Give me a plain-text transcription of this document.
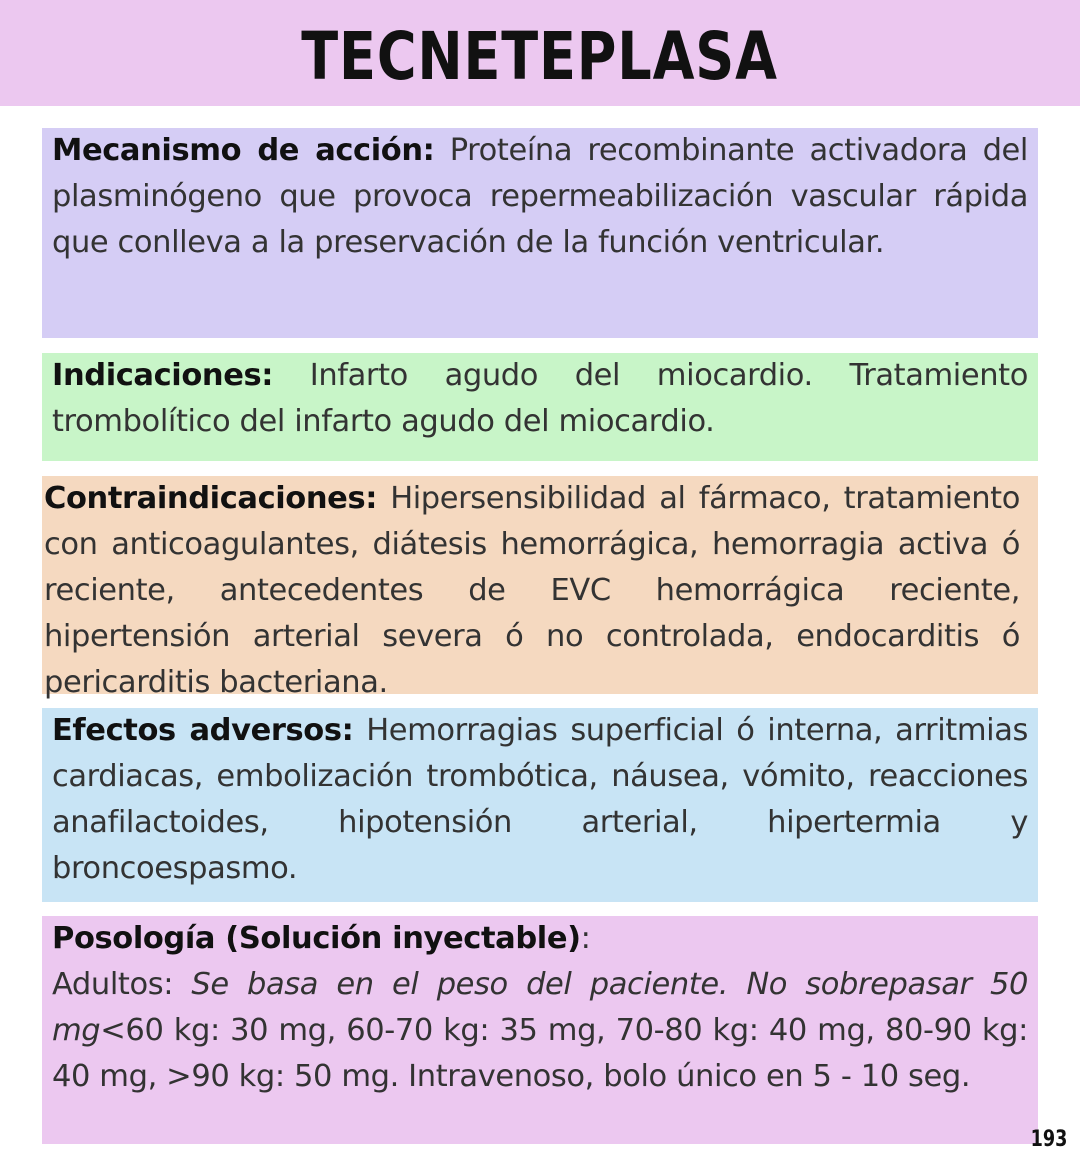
TECNETEPLASA
Mecanismo de acción: Proteína recombinante activadora del plasminógeno que provoca repermeabilización vascular rápida que conlleva a la preservación de la función ventricular.
Indicaciones: Infarto agudo del miocardio. Tratamiento trombolítico del infarto agudo del miocardio.
Contraindicaciones: Hipersensibilidad al fármaco, tratamiento con anticoagulantes, diátesis hemorrágica, hemorragia activa ó reciente, antecedentes de EVC hemorrágica reciente, hipertensión arterial severa ó no controlada, endocarditis ó pericarditis bacteriana.
Efectos adversos: Hemorragias superficial ó interna, arritmias cardiacas, embolización trombótica, náusea, vómito, reacciones anafilactoides, hipotensión arterial, hipertermia y broncoespasmo.
Posología (Solución inyectable):
Adultos: Se basa en el peso del paciente. No sobrepasar 50 mg<60 kg: 30 mg, 60-70 kg: 35 mg, 70-80 kg: 40 mg, 80-90 kg: 40 mg, >90 kg: 50 mg. Intravenoso, bolo único en 5 - 10 seg.
193
